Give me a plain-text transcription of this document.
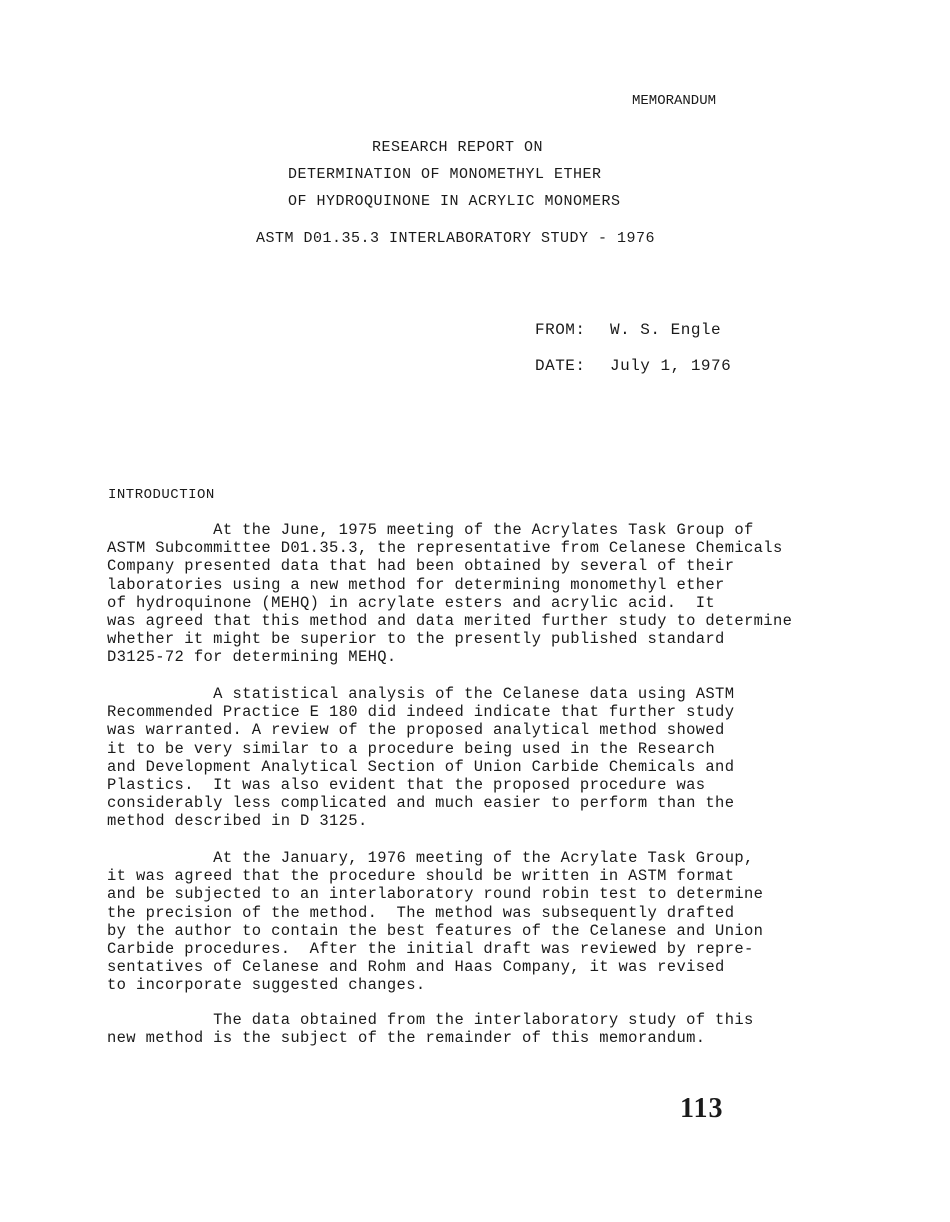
MEMORANDUM
RESEARCH REPORT ON
DETERMINATION OF MONOMETHYL ETHER
OF HYDROQUINONE IN ACRYLIC MONOMERS
ASTM D01.35.3 INTERLABORATORY STUDY - 1976
FROM: W. S. Engle
DATE: July 1, 1976
INTRODUCTION
At the June, 1975 meeting of the Acrylates Task Group of
ASTM Subcommittee D01.35.3, the representative from Celanese Chemicals
Company presented data that had been obtained by several of their
laboratories using a new method for determining monomethyl ether
of hydroquinone (MEHQ) in acrylate esters and acrylic acid.  It
was agreed that this method and data merited further study to determine
whether it might be superior to the presently published standard
D3125-72 for determining MEHQ.
A statistical analysis of the Celanese data using ASTM
Recommended Practice E 180 did indeed indicate that further study
was warranted. A review of the proposed analytical method showed
it to be very similar to a procedure being used in the Research
and Development Analytical Section of Union Carbide Chemicals and
Plastics.  It was also evident that the proposed procedure was
considerably less complicated and much easier to perform than the
method described in D 3125.
At the January, 1976 meeting of the Acrylate Task Group,
it was agreed that the procedure should be written in ASTM format
and be subjected to an interlaboratory round robin test to determine
the precision of the method.  The method was subsequently drafted
by the author to contain the best features of the Celanese and Union
Carbide procedures.  After the initial draft was reviewed by repre-
sentatives of Celanese and Rohm and Haas Company, it was revised
to incorporate suggested changes.
The data obtained from the interlaboratory study of this
new method is the subject of the remainder of this memorandum.
113
